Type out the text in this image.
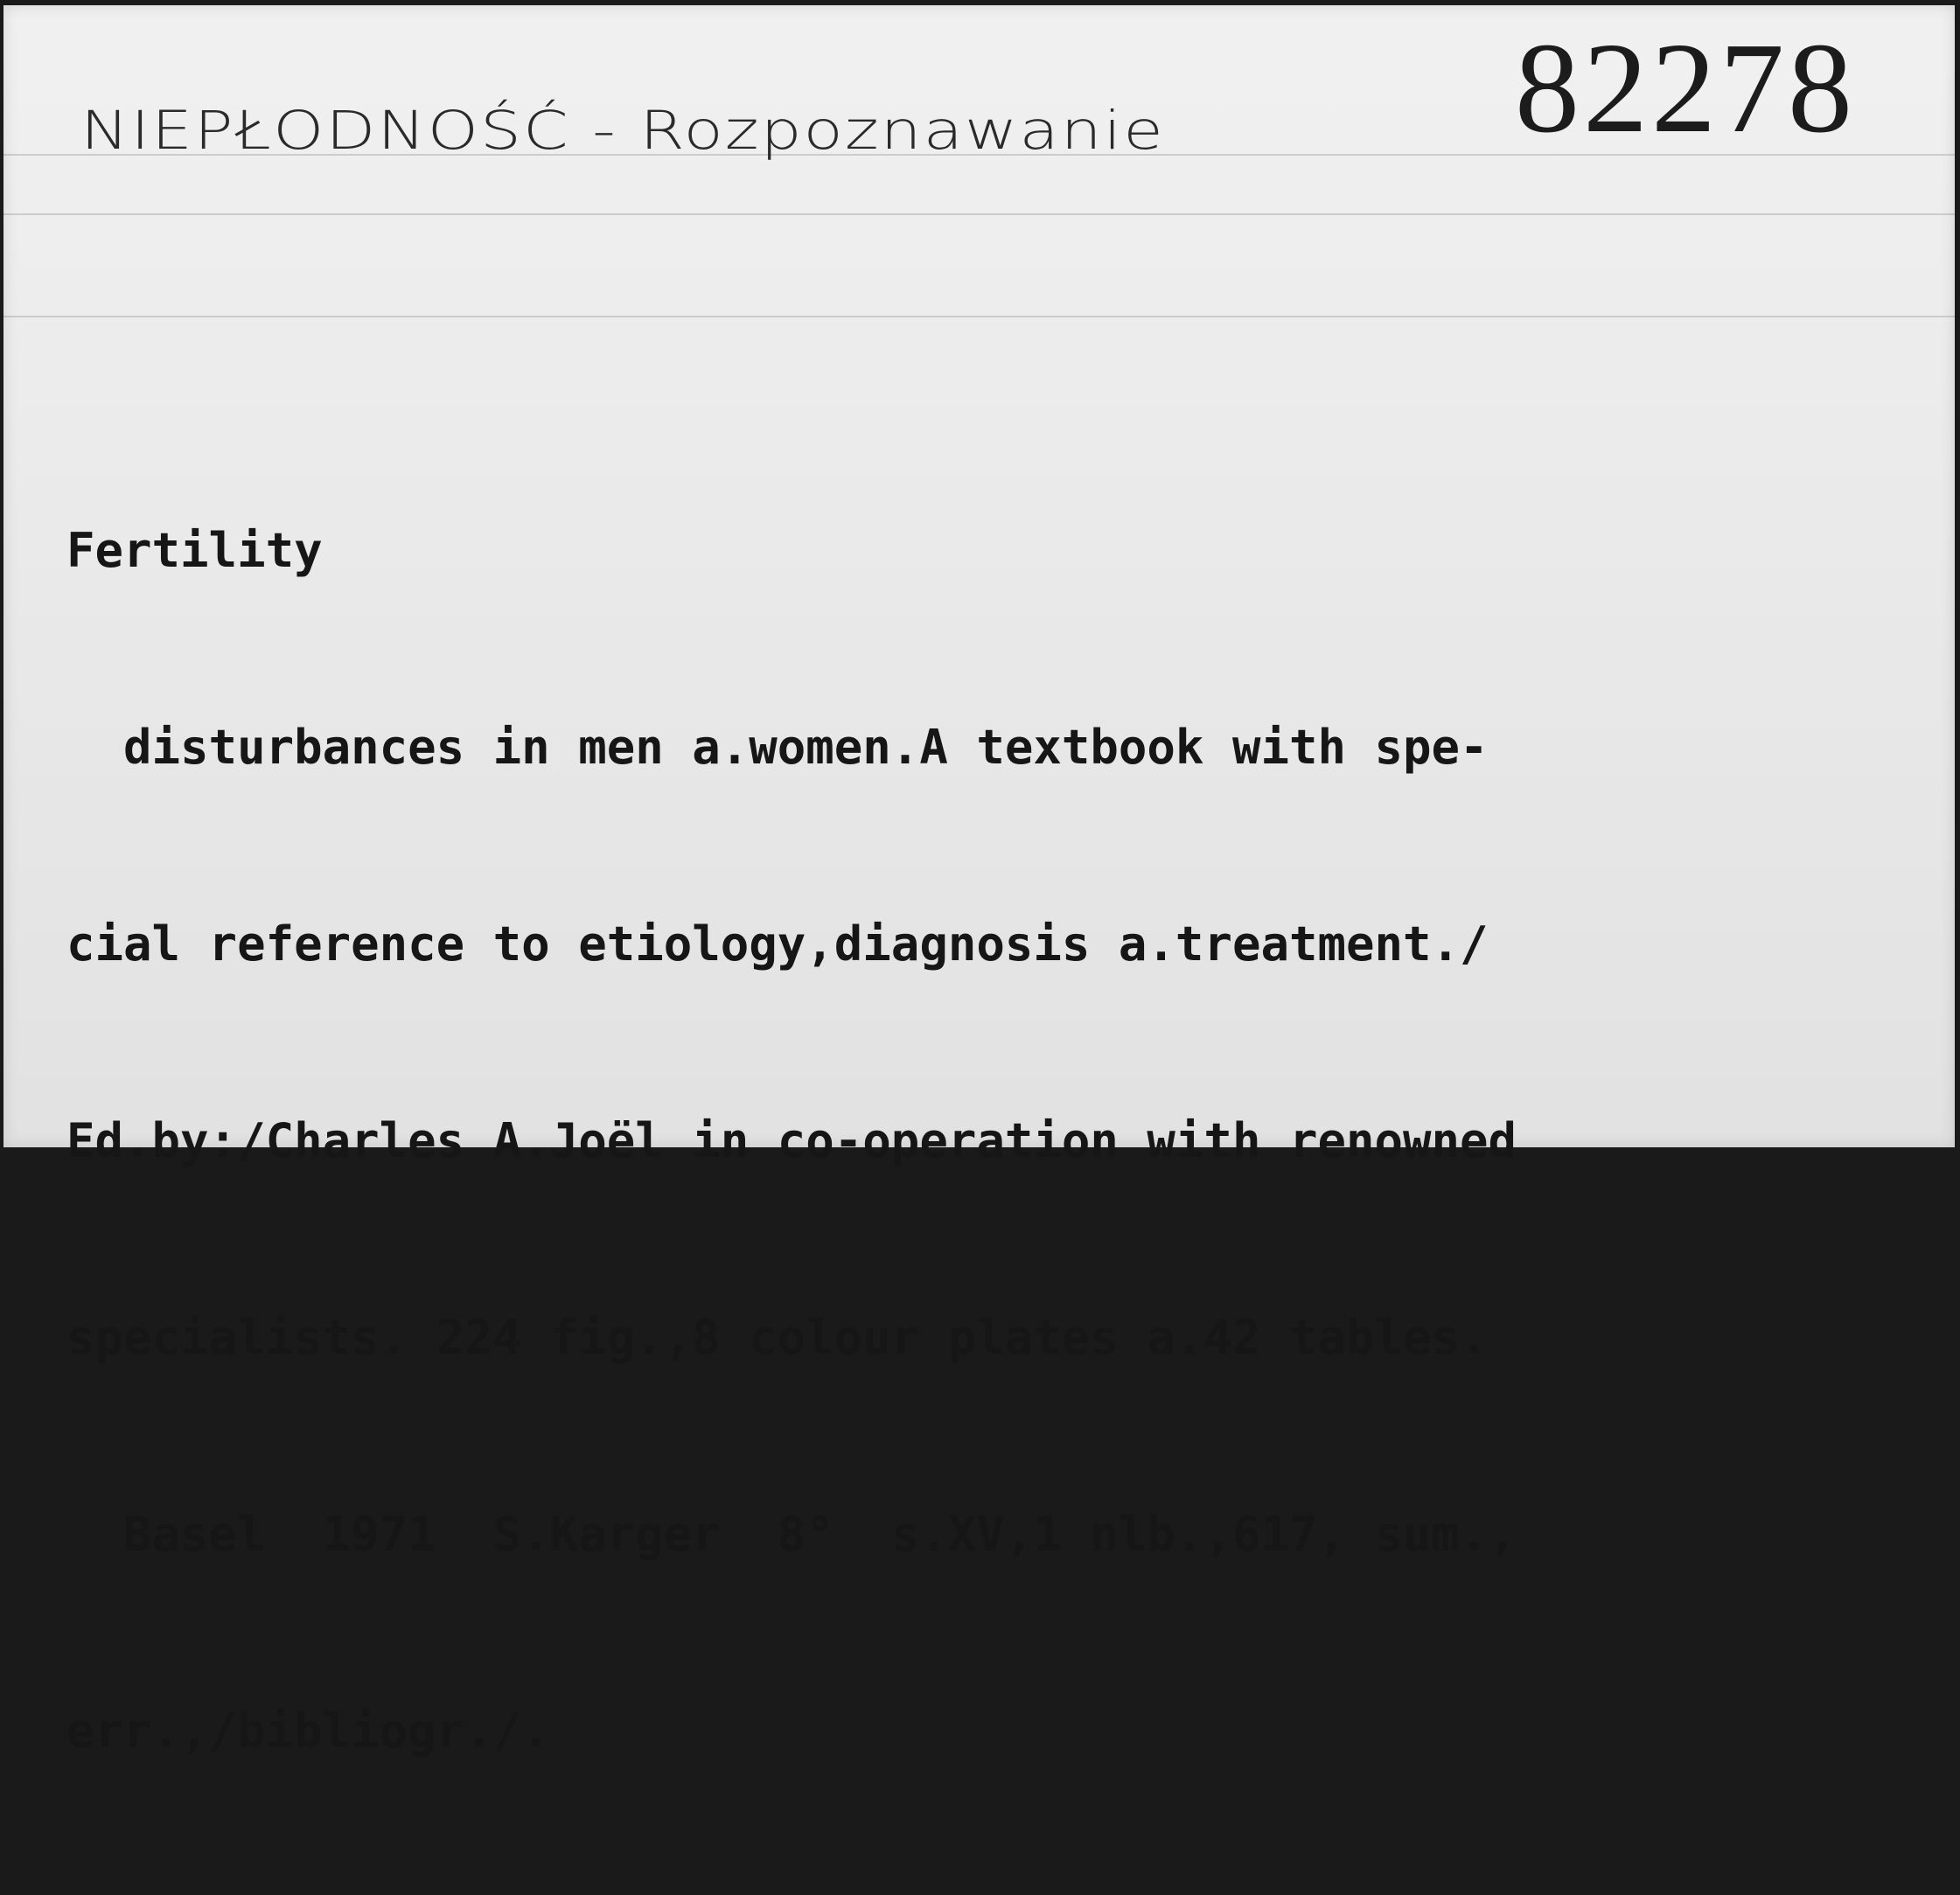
NIEPŁODNOŚĆ - Rozpoznawanie	82278

Fertility

disturbances in men a.women.A textbook with spe-

cial reference to etiology,diagnosis a.treatment./

Ed.by:/Charles A.Joël in co-operation with renowned

specialists. 224 fig.,8 colour plates a.42 tables.

Basel  1971  S.Karger  8°  s.XV,1 nlb.,617, sum.,

err.,/bibliogr./.
